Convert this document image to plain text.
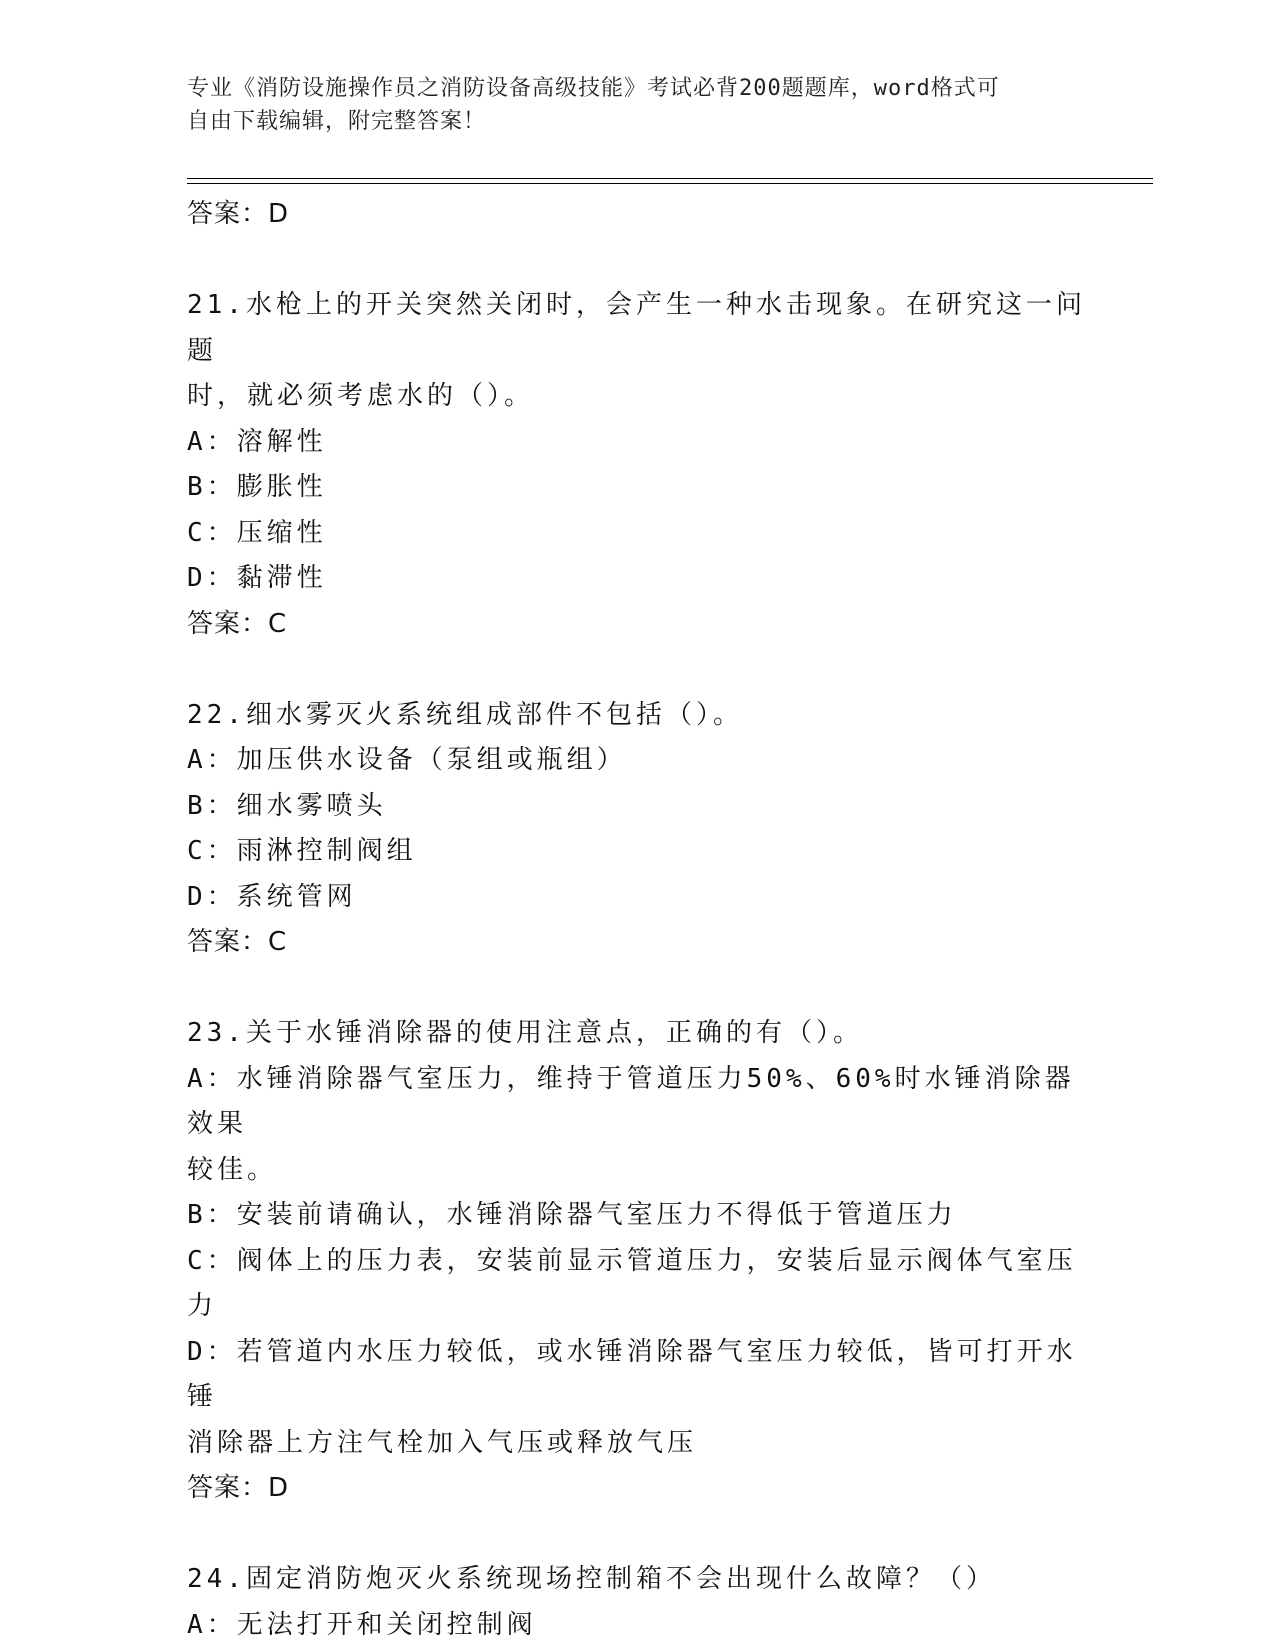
专业《消防设施操作员之消防设备高级技能》考试必背200题题库，word格式可
自由下载编辑，附完整答案！
答案：D
21.水枪上的开关突然关闭时，会产生一种水击现象。在研究这一问题
时，就必须考虑水的（）。
A：溶解性
B：膨胀性
C：压缩性
D：黏滞性
答案：C
22.细水雾灭火系统组成部件不包括（）。
A：加压供水设备（泵组或瓶组）
B：细水雾喷头
C：雨淋控制阀组
D：系统管网
答案：C
23.关于水锤消除器的使用注意点，正确的有（）。
A：水锤消除器气室压力，维持于管道压力50%、60%时水锤消除器效果
较佳。
B：安装前请确认，水锤消除器气室压力不得低于管道压力
C：阀体上的压力表，安装前显示管道压力，安装后显示阀体气室压力
D：若管道内水压力较低，或水锤消除器气室压力较低，皆可打开水锤
消除器上方注气栓加入气压或释放气压
答案：D
24.固定消防炮灭火系统现场控制箱不会出现什么故障？（）
A：无法打开和关闭控制阀
